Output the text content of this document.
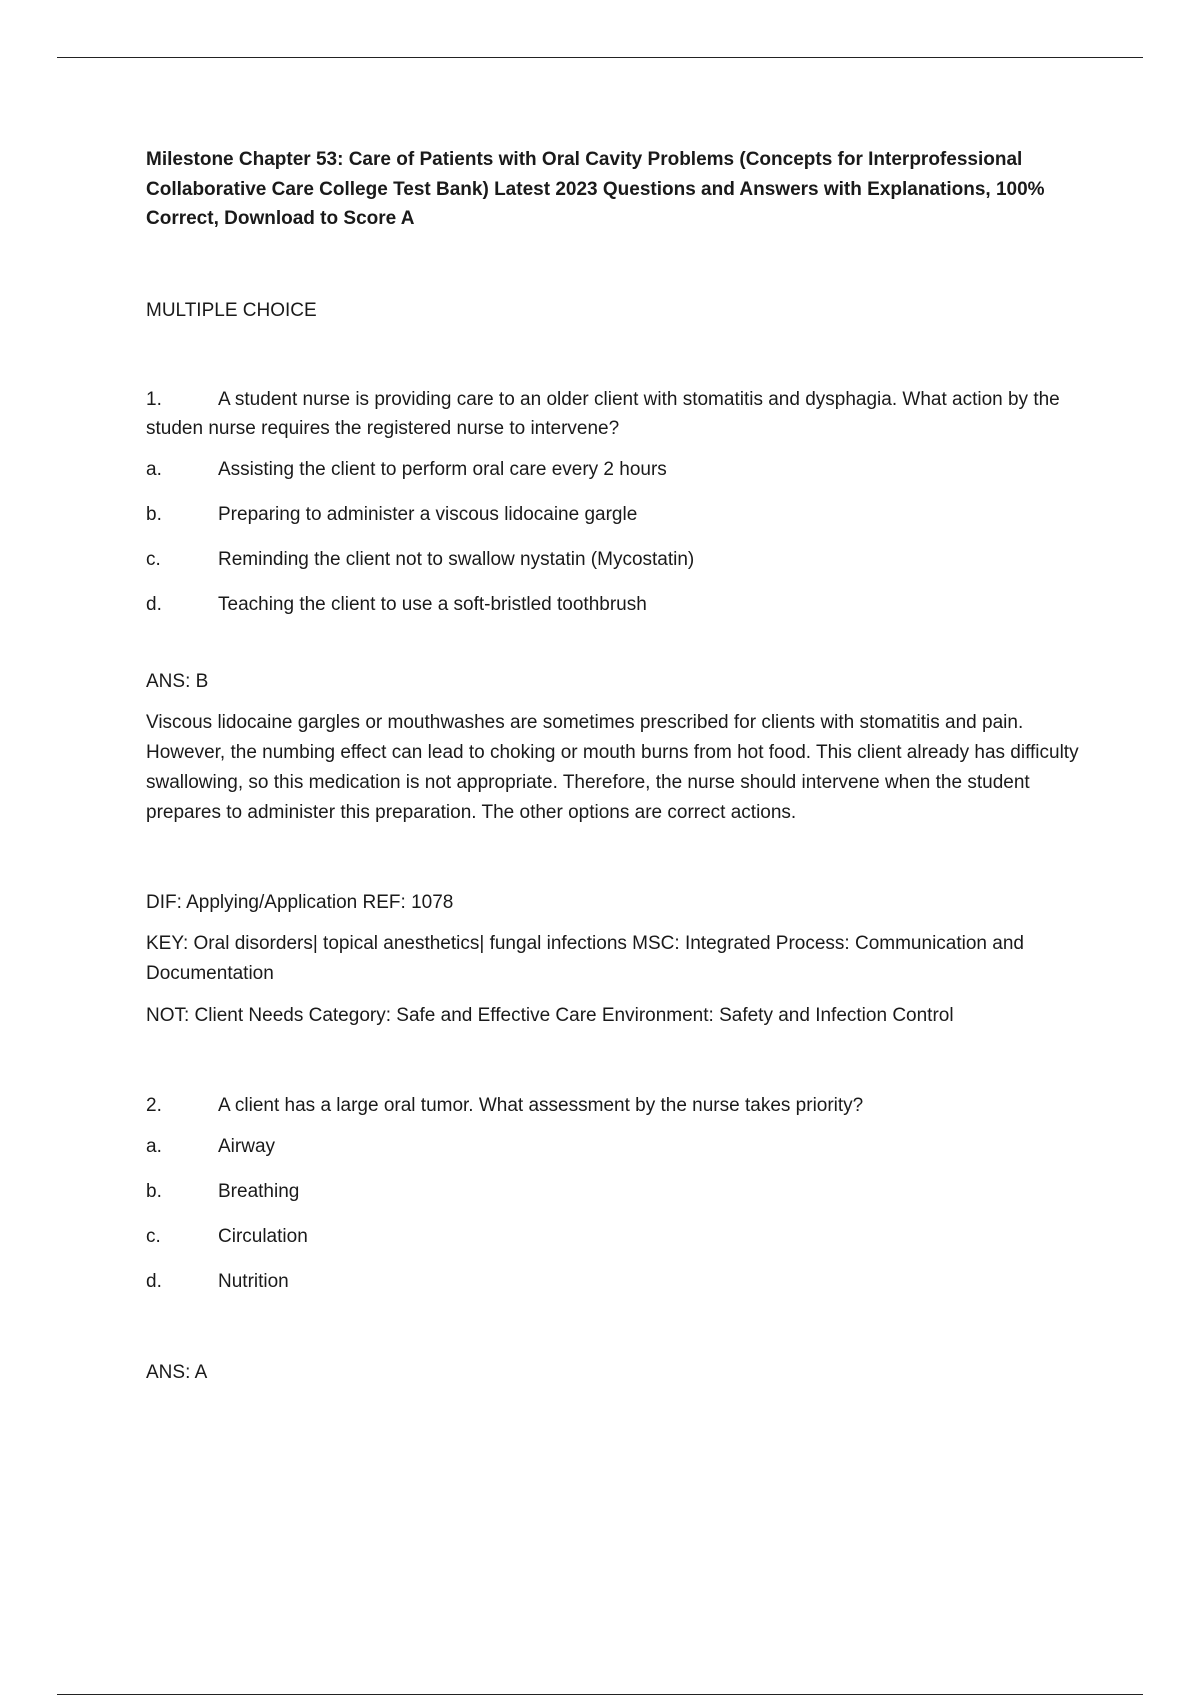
Milestone Chapter 53: Care of Patients with Oral Cavity Problems (Concepts for Interprofessional Collaborative Care College Test Bank) Latest 2023 Questions and Answers with Explanations, 100% Correct, Download to Score A

MULTIPLE CHOICE

1.	A student nurse is providing care to an older client with stomatitis and dysphagia. What action by the studen nurse requires the registered nurse to intervene?

a.	Assisting the client to perform oral care every 2 hours
b.	Preparing to administer a viscous lidocaine gargle
c.	Reminding the client not to swallow nystatin (Mycostatin)
d.	Teaching the client to use a soft-bristled toothbrush

ANS: B

Viscous lidocaine gargles or mouthwashes are sometimes prescribed for clients with stomatitis and pain. However, the numbing effect can lead to choking or mouth burns from hot food. This client already has difficulty swallowing, so this medication is not appropriate. Therefore, the nurse should intervene when the student prepares to administer this preparation. The other options are correct actions.

DIF: Applying/Application REF: 1078

KEY: Oral disorders| topical anesthetics| fungal infections MSC: Integrated Process: Communication and Documentation

NOT: Client Needs Category: Safe and Effective Care Environment: Safety and Infection Control

2.	A client has a large oral tumor. What assessment by the nurse takes priority?

a.	Airway
b.	Breathing
c.	Circulation
d.	Nutrition

ANS: A
